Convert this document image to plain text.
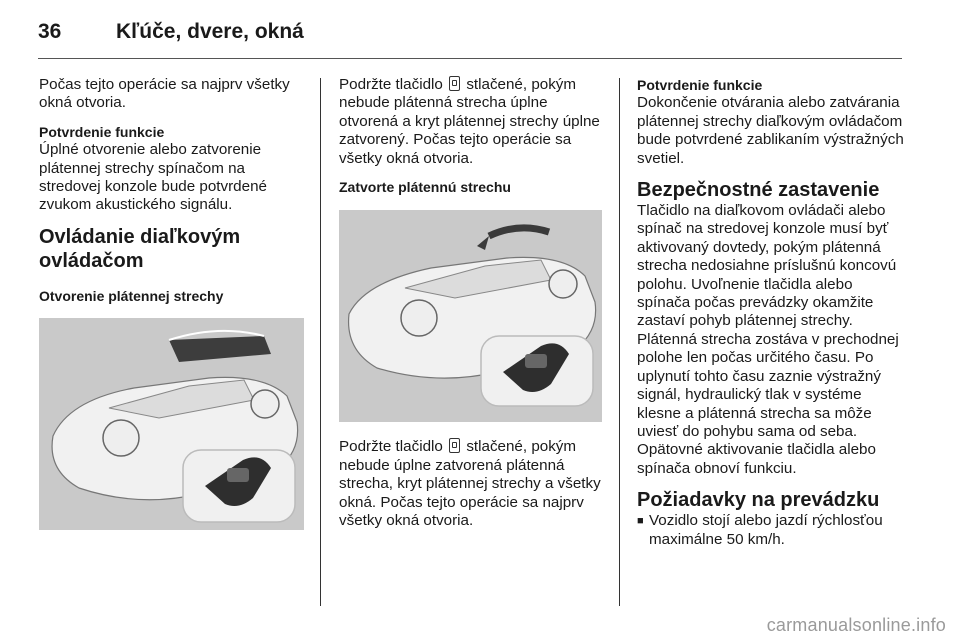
36	Kľúče, dvere, okná

Počas tejto operácie sa najprv všetky okná otvoria.

Potvrdenie funkcie

Úplné otvorenie alebo zatvorenie plátennej strechy spínačom na stredovej konzole bude potvrdené zvukom akustického signálu.

Ovládanie diaľkovým ovládačom
Otvorenie plátennej strechy

Podržte tlačidlo stlačené, pokým nebude plátenná strecha úplne otvorená a kryt plátennej strechy úplne zatvorený. Počas tejto operácie sa všetky okná otvoria.

Zatvorte plátennú strechu

Podržte tlačidlo stlačené, pokým nebude úplne zatvorená plátenná strecha, kryt plátennej strechy a všetky okná. Počas tejto operácie sa najprv všetky okná otvoria.

Potvrdenie funkcie

Dokončenie otvárania alebo zatvárania plátennej strechy diaľkovým ovládačom bude potvrdené zablikaním výstražných svetiel.

Bezpečnostné zastavenie

Tlačidlo na diaľkovom ovládači alebo spínač na stredovej konzole musí byť aktivovaný dovtedy, pokým plátenná strecha nedosiahne príslušnú koncovú polohu. Uvoľnenie tlačidla alebo spínača počas prevádzky okamžite zastaví pohyb plátennej strechy. Plátenná strecha zostáva v prechodnej polohe len počas určitého času. Po uplynutí tohto času zaznie výstražný signál, hydraulický tlak v systéme klesne a plátenná strecha sa môže uviesť do pohybu sama od seba. Opätovné aktivovanie tlačidla alebo spínača obnoví funkciu.

Požiadavky na prevádzku
■ Vozidlo stojí alebo jazdí rýchlosťou maximálne 50 km/h.
carmanualsonline.info
